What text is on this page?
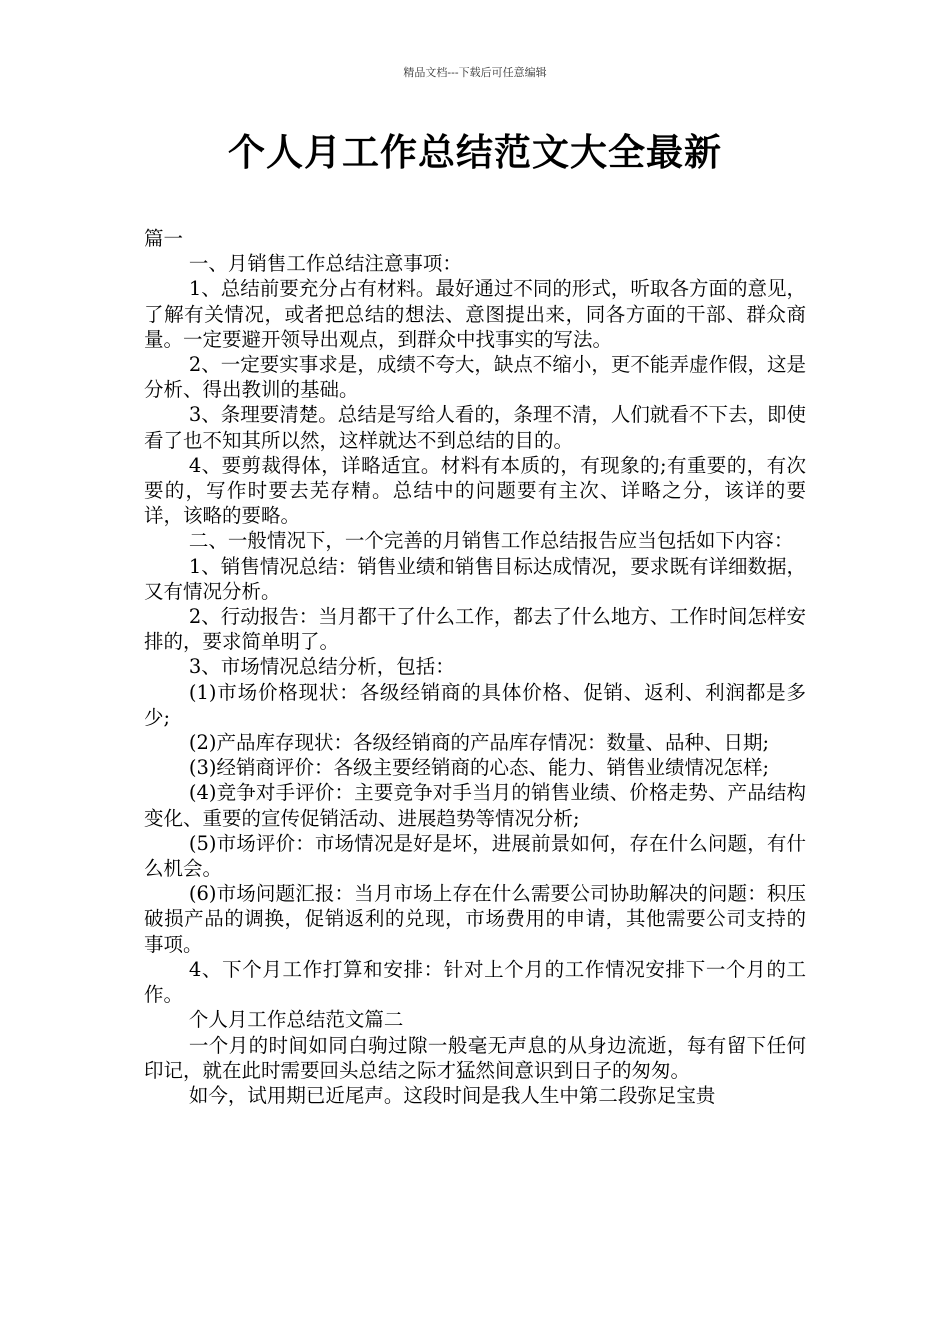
精品文档---下载后可任意编辑
个人月工作总结范文大全最新

篇一

一、月销售工作总结注意事项：

1、总结前要充分占有材料。最好通过不同的形式，听取各方面的意见，了解有关情况，或者把总结的想法、意图提出来，同各方面的干部、群众商量。一定要避开领导出观点，到群众中找事实的写法。

2、一定要实事求是，成绩不夸大，缺点不缩小，更不能弄虚作假，这是分析、得出教训的基础。

3、条理要清楚。总结是写给人看的，条理不清，人们就看不下去，即使看了也不知其所以然，这样就达不到总结的目的。

4、要剪裁得体，详略适宜。材料有本质的，有现象的;有重要的，有次要的，写作时要去芜存精。总结中的问题要有主次、详略之分，该详的要详，该略的要略。

二、一般情况下，一个完善的月销售工作总结报告应当包括如下内容：

1、销售情况总结：销售业绩和销售目标达成情况，要求既有详细数据，又有情况分析。

2、行动报告：当月都干了什么工作，都去了什么地方、工作时间怎样安排的，要求简单明了。

3、市场情况总结分析，包括：

(1)市场价格现状：各级经销商的具体价格、促销、返利、利润都是多少;

(2)产品库存现状：各级经销商的产品库存情况：数量、品种、日期;

(3)经销商评价：各级主要经销商的心态、能力、销售业绩情况怎样;

(4)竞争对手评价：主要竞争对手当月的销售业绩、价格走势、产品结构变化、重要的宣传促销活动、进展趋势等情况分析;

(5)市场评价：市场情况是好是坏，进展前景如何，存在什么问题，有什么机会。

(6)市场问题汇报：当月市场上存在什么需要公司协助解决的问题：积压破损产品的调换，促销返利的兑现，市场费用的申请，其他需要公司支持的事项。

4、下个月工作打算和安排：针对上个月的工作情况安排下一个月的工作。

个人月工作总结范文篇二

一个月的时间如同白驹过隙一般毫无声息的从身边流逝，每有留下任何印记，就在此时需要回头总结之际才猛然间意识到日子的匆匆。

如今，试用期已近尾声。这段时间是我人生中第二段弥足宝贵
